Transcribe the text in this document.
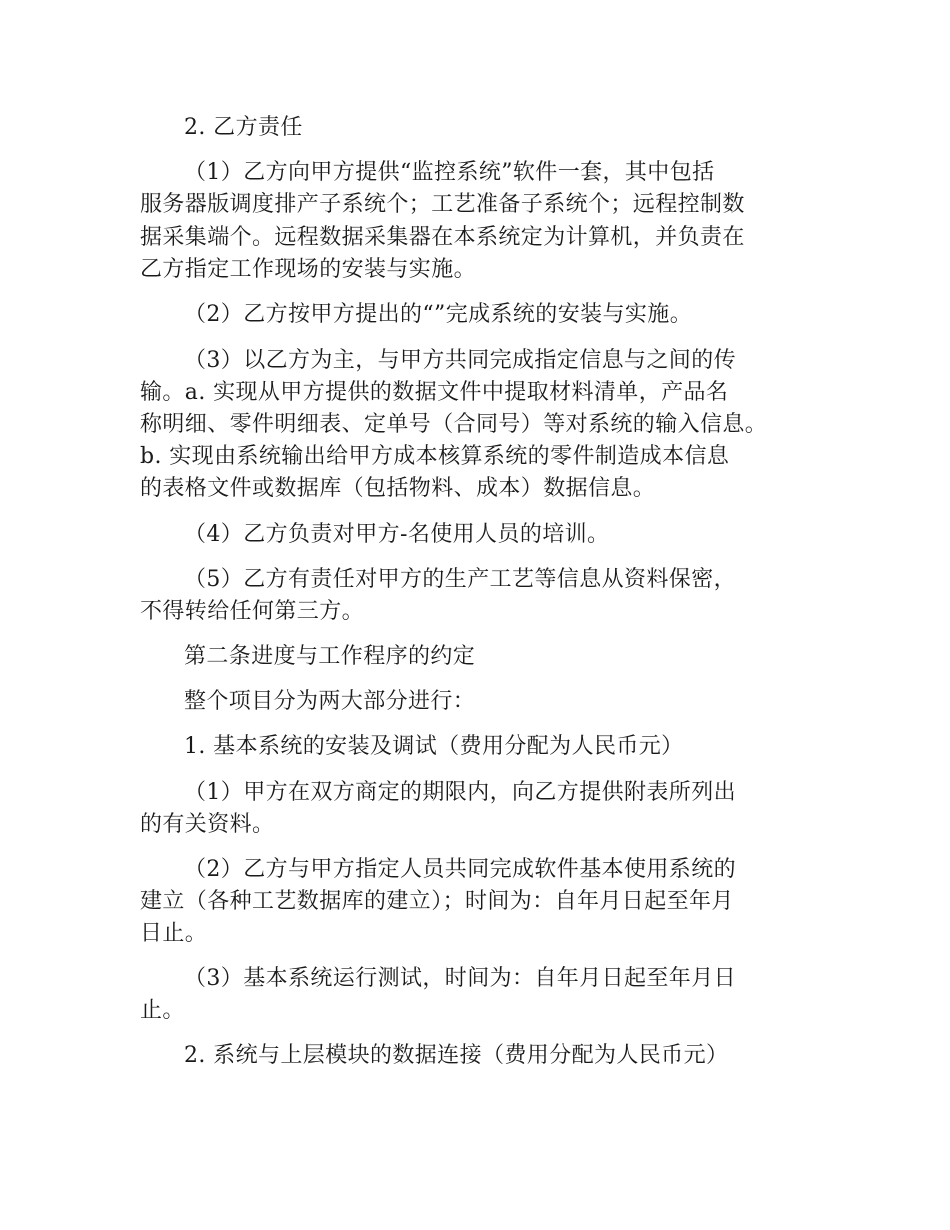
2. 乙方责任
（1）乙方向甲方提供“监控系统”软件一套，其中包括
服务器版调度排产子系统个；工艺准备子系统个；远程控制数
据采集端个。远程数据采集器在本系统定为计算机，并负责在
乙方指定工作现场的安装与实施。
（2）乙方按甲方提出的“”完成系统的安装与实施。
（3）以乙方为主，与甲方共同完成指定信息与之间的传
输。a. 实现从甲方提供的数据文件中提取材料清单，产品名
称明细、零件明细表、定单号（合同号）等对系统的输入信息。
b. 实现由系统输出给甲方成本核算系统的零件制造成本信息
的表格文件或数据库（包括物料、成本）数据信息。
（4）乙方负责对甲方-名使用人员的培训。
（5）乙方有责任对甲方的生产工艺等信息从资料保密，
不得转给任何第三方。
第二条进度与工作程序的约定
整个项目分为两大部分进行：
1. 基本系统的安装及调试（费用分配为人民币元）
（1）甲方在双方商定的期限内，向乙方提供附表所列出
的有关资料。
（2）乙方与甲方指定人员共同完成软件基本使用系统的
建立（各种工艺数据库的建立）；时间为：自年月日起至年月
日止。
（3）基本系统运行测试，时间为：自年月日起至年月日
止。
2. 系统与上层模块的数据连接（费用分配为人民币元）
